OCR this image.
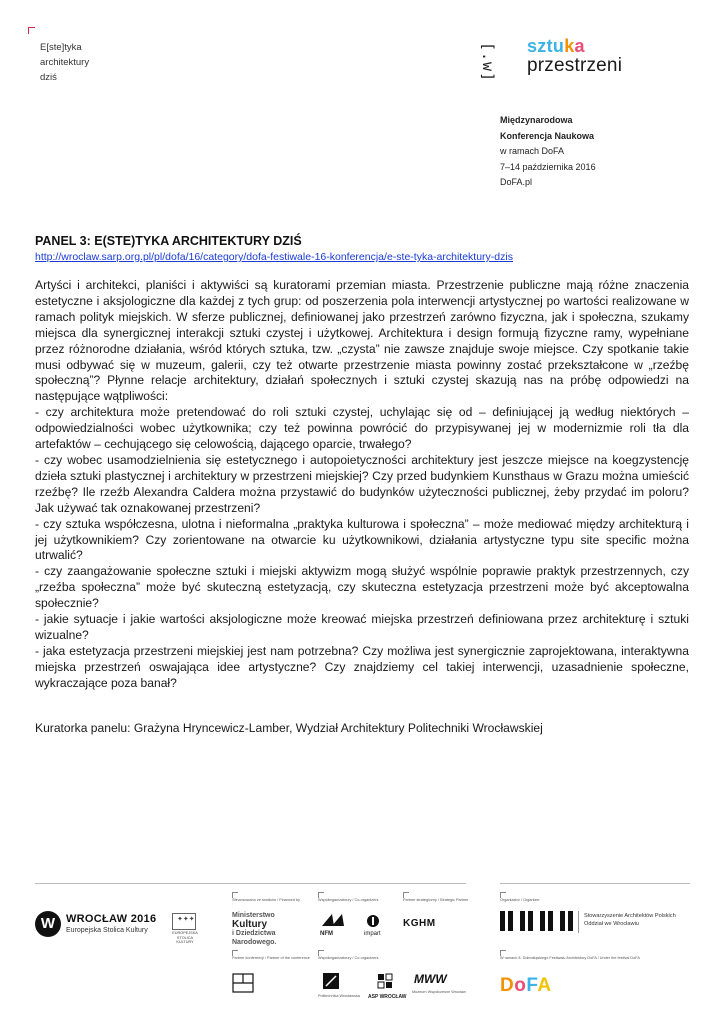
E[ste]tyka
architektury
dziś	[.w] sztuka
przestrzeni
Międzynarodowa
Konferencja Naukowa
w ramach DoFA
7–14 października 2016
DoFA.pl
PANEL 3: E(STE)TYKA ARCHITEKTURY DZIŚ
http://wroclaw.sarp.org.pl/pl/dofa/16/category/dofa-festiwale-16-konferencja/e-ste-tyka-architektury-dzis

Artyści i architekci, planiści i aktywiści są kuratorami przemian miasta. Przestrzenie publiczne mają różne znaczenia estetyczne i aksjologiczne dla każdej z tych grup: od poszerzenia pola interwencji artystycznej po wartości realizowane w ramach polityk miejskich. W sferze publicznej, definiowanej jako przestrzeń zarówno fizyczna, jak i społeczna, szukamy miejsca dla synergicznej interakcji sztuki czystej i użytkowej. Architektura i design formują fizyczne ramy, wypełniane przez różnorodne działania, wśród których sztuka, tzw. „czysta” nie zawsze znajduje swoje miejsce. Czy spotkanie takie musi odbywać się w muzeum, galerii, czy też otwarte przestrzenie miasta powinny zostać przekształcone w „rzeźbę społeczną”? Płynne relacje architektury, działań społecznych i sztuki czystej skazują nas na próbę odpowiedzi na następujące wątpliwości:

- czy architektura może pretendować do roli sztuki czystej, uchylając się od – definiującej ją według niektórych – odpowiedzialności wobec użytkownika; czy też powinna powrócić do przypisywanej jej w modernizmie roli tła dla artefaktów – cechującego się celowością, dającego oparcie, trwałego?

- czy wobec usamodzielnienia się estetycznego i autopoietyczności architektury jest jeszcze miejsce na koegzystencję dzieła sztuki plastycznej i architektury w przestrzeni miejskiej? Czy przed budynkiem Kunsthaus w Grazu można umieścić rzeźbę? Ile rzeźb Alexandra Caldera można przystawić do budynków użyteczności publicznej, żeby przydać im poloru? Jak używać tak oznakowanej przestrzeni?

- czy sztuka współczesna, ulotna i nieformalna „praktyka kulturowa i społeczna” – może mediować między architekturą i jej użytkownikiem? Czy zorientowane na otwarcie ku użytkownikowi, działania artystyczne typu site specific można utrwalić?

- czy zaangażowanie społeczne sztuki i miejski aktywizm mogą służyć wspólnie poprawie praktyk przestrzennych, czy „rzeźba społeczna” może być skuteczną estetyzacją, czy skuteczna estetyzacja przestrzeni może być akceptowalna społecznie?

- jakie sytuacje i jakie wartości aksjologiczne może kreować miejska przestrzeń definiowana przez architekturę i sztuki wizualne?

- jaka estetyzacja przestrzeni miejskiej jest nam potrzebna? Czy możliwa jest synergicznie zaprojektowana, interaktywna miejska przestrzeń oswajająca idee artystyczne? Czy znajdziemy cel takiej interwencji, uzasadnienie społeczne, wykraczające poza banał?

Kuratorka panelu: Grażyna Hryncewicz-Lamber, Wydział Architektury Politechniki Wrocławskiej
W WROCŁAW 2016
Europejska Stolica Kultury
✦✦✦
EUROPEJSKA STOLICA KULTURY
Sfinansowano ze środków / Financed by
Ministerstwo
Kultury
i Dziedzictwa
Narodowego.
Współorganizatorzy / Co-organizers
NFM	impart
Partner strategiczny / Strategic Partner
KGHM
Organizator / Organizer
Stowarzyszenie Architektów Polskich
Oddział we Wrocławiu
Partner konferencji / Partner of the conference Współorganizatorzy / Co-organizers
Politechnika Wrocławska ASP WROCŁAW
MWW
Muzeum Współczesne Wrocław
W ramach 8. Dolnośląskiego Festiwalu Architektury DoFA / Under the festival DoFA
DoFA
